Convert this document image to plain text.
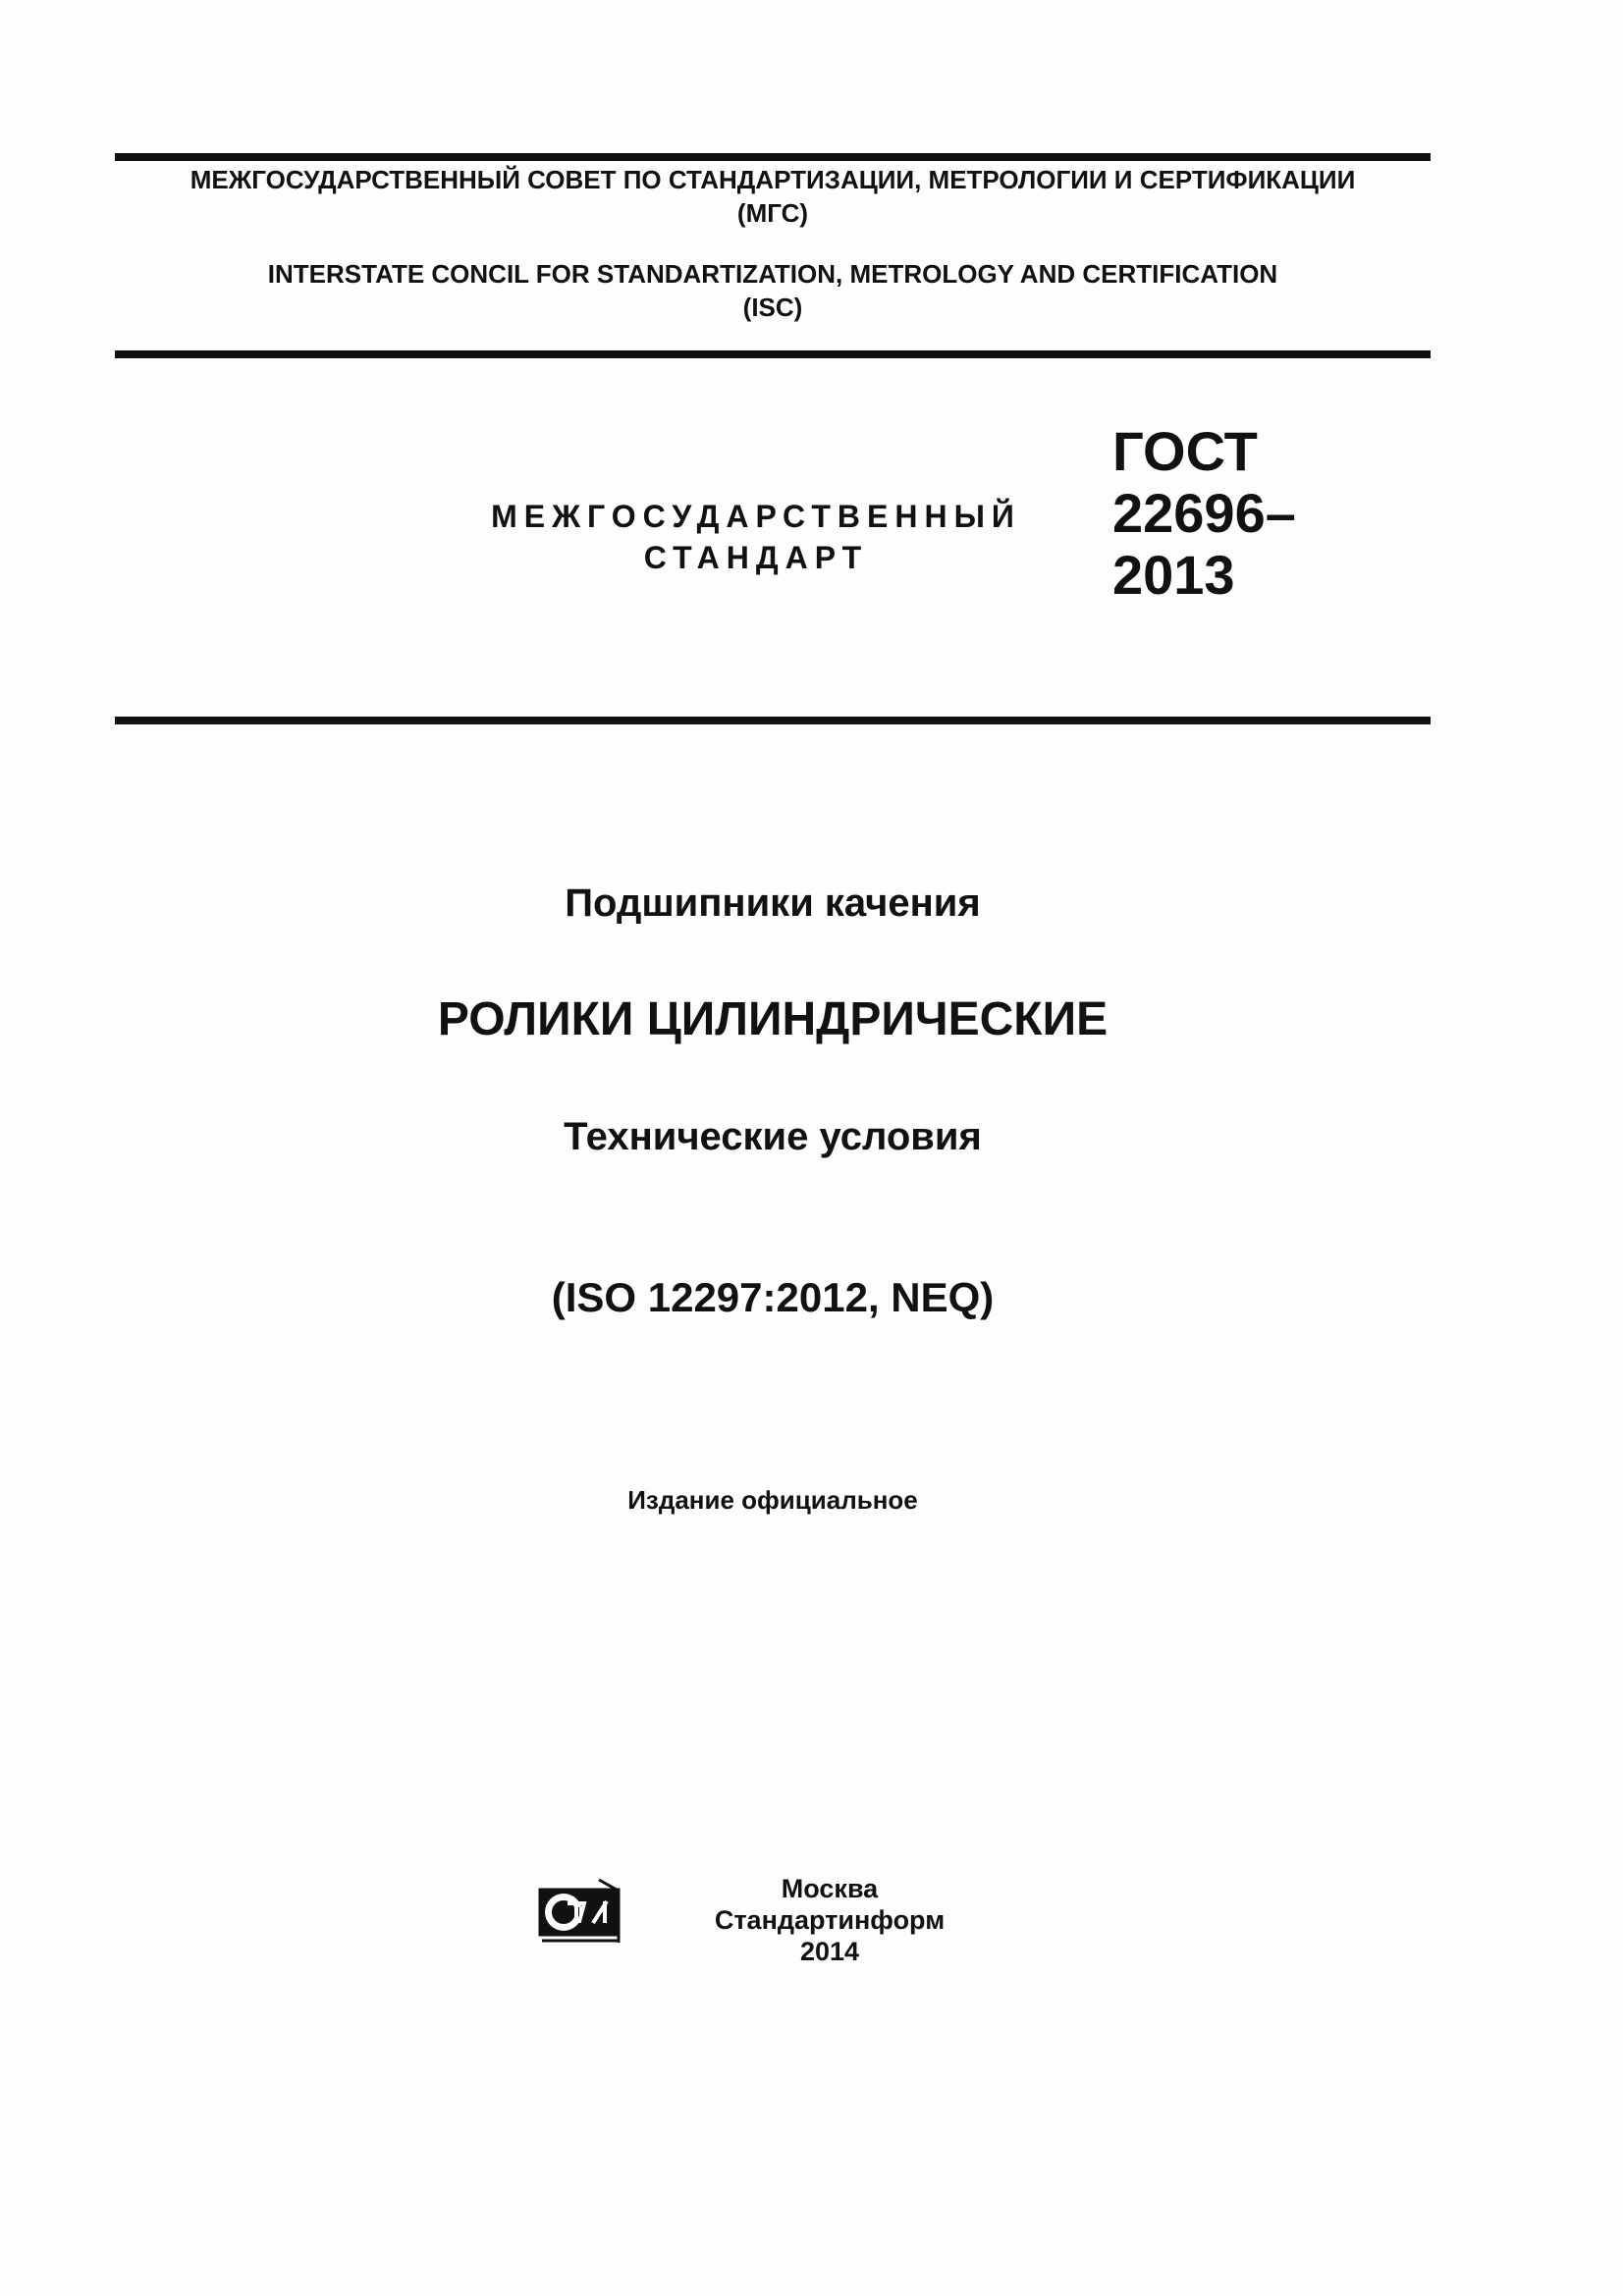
МЕЖГОСУДАРСТВЕННЫЙ СОВЕТ ПО СТАНДАРТИЗАЦИИ, МЕТРОЛОГИИ И СЕРТИФИКАЦИИ
(МГС)
INTERSTATE CONCIL FOR STANDARTIZATION, METROLOGY AND CERTIFICATION
(ISC)
МЕЖГОСУДАРСТВЕННЫЙ
СТАНДАРТ
ГОСТ
22696–
2013
Подшипники качения
РОЛИКИ ЦИЛИНДРИЧЕСКИЕ
Технические условия
(ISO 12297:2012, NEQ)
Издание официальное
Москва
Стандартинформ
2014
